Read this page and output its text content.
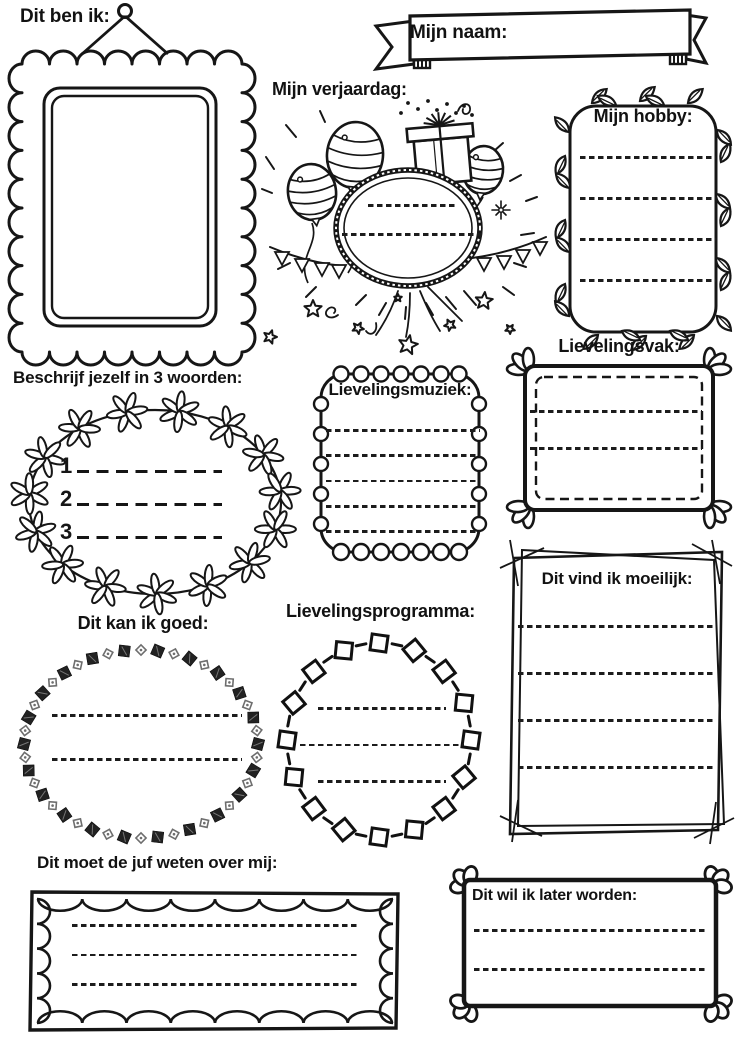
Dit ben ik:
Mijn naam:
Mijn verjaardag:
Mijn hobby:
Lievelingsvak:
Beschrijf jezelf in 3 woorden:
1
2
3
Lievelingsmuziek:
Dit kan ik goed:
Lievelingsprogramma:
Dit vind ik moeilijk:
Dit moet de juf weten over mij:
Dit wil ik later worden:
